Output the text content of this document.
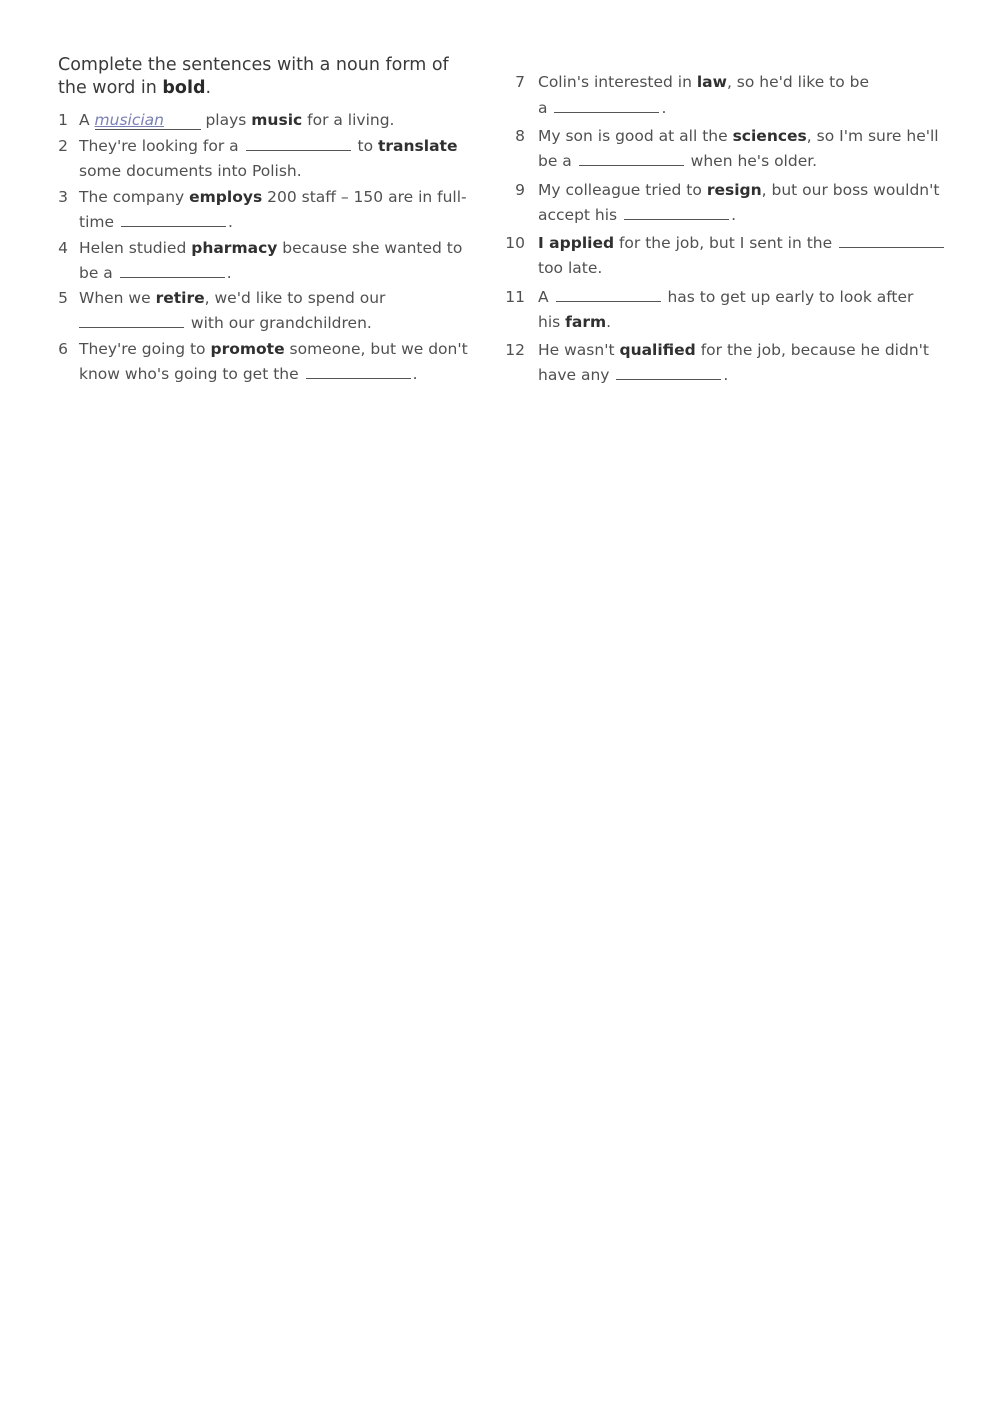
Complete the sentences with a noun form of
the word in bold.
1 A musician plays music for a living.
2 They're looking for a	to translate
some documents into Polish.
3 The company employs 200 staff – 150 are in full-
time	.
4 Helen studied pharmacy because she wanted to
be a	.
5 When we retire, we'd like to spend our
with our grandchildren.
6 They're going to promote someone, but we don't
know who's going to get the	.
7 Colin's interested in law, so he'd like to be
a	.
8 My son is good at all the sciences, so I'm sure he'll
be a	when he's older.
9 My colleague tried to resign, but our boss wouldn't
accept his	.
10 I applied for the job, but I sent in the
too late.
11 A	has to get up early to look after
his farm.
12 He wasn't qualified for the job, because he didn't
have any	.
